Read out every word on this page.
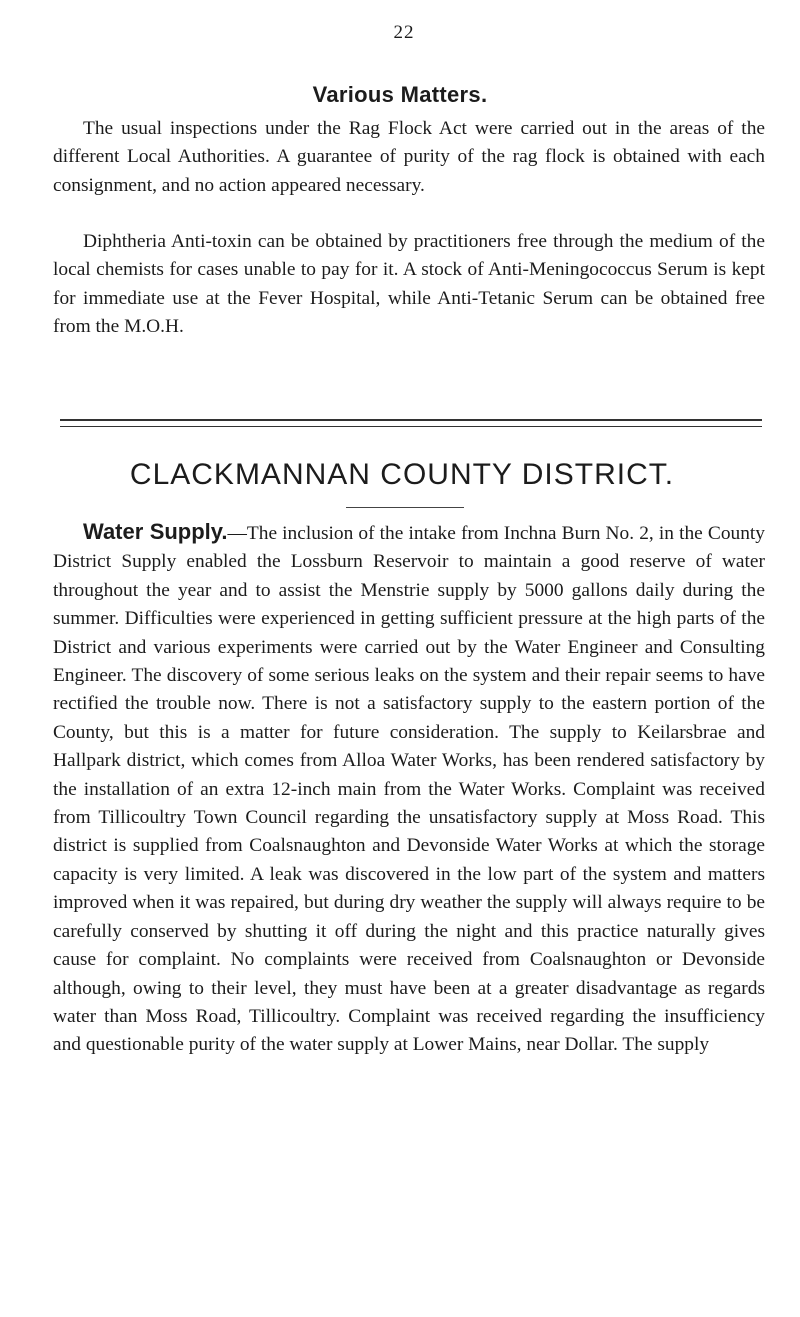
22
Various Matters.

The usual inspections under the Rag Flock Act were carried out in the areas of the different Local Authorities. A guarantee of purity of the rag flock is obtained with each consignment, and no action appeared necessary.

Diphtheria Anti-toxin can be obtained by practitioners free through the medium of the local chemists for cases unable to pay for it. A stock of Anti-Meningococcus Serum is kept for immediate use at the Fever Hospital, while Anti-Tetanic Serum can be obtained free from the M.O.H.

CLACKMANNAN COUNTY DISTRICT.

Water Supply.—The inclusion of the intake from Inchna Burn No. 2, in the County District Supply enabled the Lossburn Reservoir to maintain a good reserve of water throughout the year and to assist the Menstrie supply by 5000 gallons daily during the summer. Difficulties were experienced in getting sufficient pressure at the high parts of the District and various experiments were carried out by the Water Engineer and Consulting Engineer. The discovery of some serious leaks on the system and their repair seems to have rectified the trouble now. There is not a satisfactory supply to the eastern portion of the County, but this is a matter for future consideration. The supply to Keilarsbrae and Hallpark district, which comes from Alloa Water Works, has been rendered satisfactory by the installation of an extra 12-inch main from the Water Works. Complaint was received from Tillicoultry Town Council regarding the unsatisfactory supply at Moss Road. This district is supplied from Coalsnaughton and Devonside Water Works at which the storage capacity is very limited. A leak was discovered in the low part of the system and matters improved when it was repaired, but during dry weather the supply will always require to be carefully conserved by shutting it off during the night and this practice naturally gives cause for complaint. No complaints were received from Coalsnaughton or Devonside although, owing to their level, they must have been at a greater disadvantage as regards water than Moss Road, Tillicoultry. Complaint was received regarding the insufficiency and questionable purity of the water supply at Lower Mains, near Dollar. The supply
